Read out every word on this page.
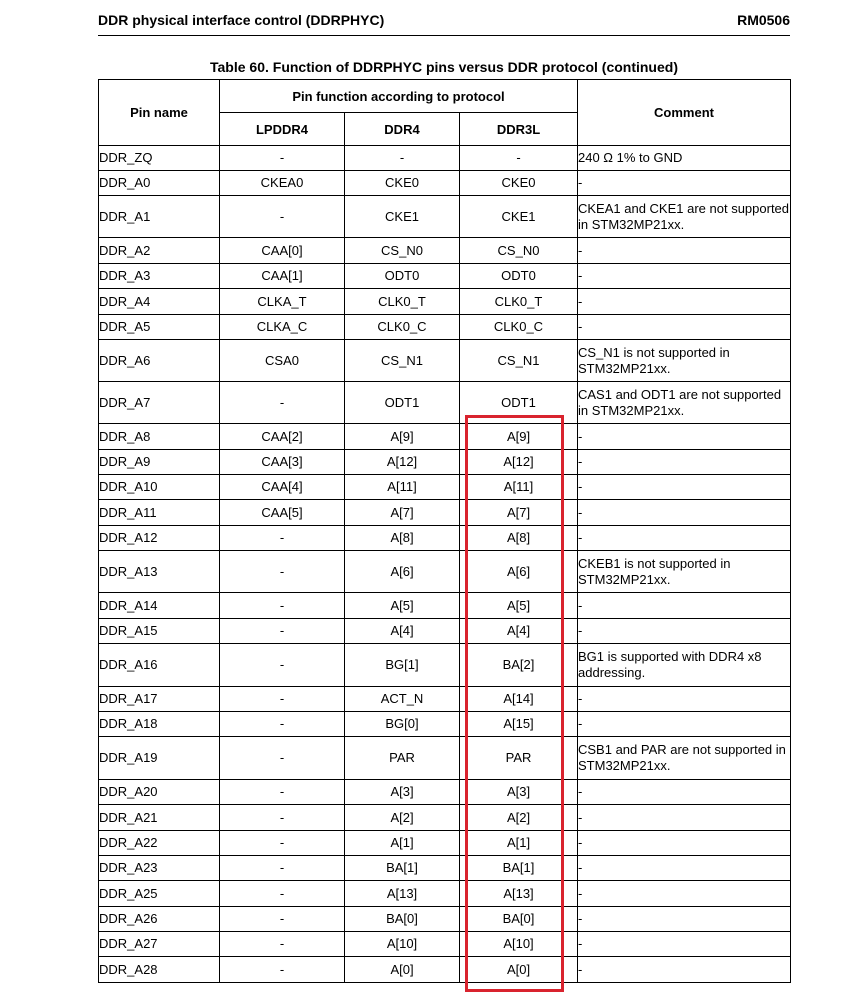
DDR physical interface control (DDRPHYC)	RM0506
Table 60. Function of DDRPHYC pins versus DDR protocol (continued)
Pin name	Pin function according to protocol			Comment
	LPDDR4	DDR4	DDR3L	
DDR_ZQ	-	-	-	240 Ω 1% to GND
DDR_A0	CKEA0	CKE0	CKE0	-
DDR_A1	-	CKE1	CKE1	CKEA1 and CKE1 are not supported in STM32MP21xx.
DDR_A2	CAA[0]	CS_N0	CS_N0	-
DDR_A3	CAA[1]	ODT0	ODT0	-
DDR_A4	CLKA_T	CLK0_T	CLK0_T	-
DDR_A5	CLKA_C	CLK0_C	CLK0_C	-
DDR_A6	CSA0	CS_N1	CS_N1	CS_N1 is not supported in STM32MP21xx.
DDR_A7	-	ODT1	ODT1	CAS1 and ODT1 are not supported in STM32MP21xx.
DDR_A8	CAA[2]	A[9]	A[9]	-
DDR_A9	CAA[3]	A[12]	A[12]	-
DDR_A10	CAA[4]	A[11]	A[11]	-
DDR_A11	CAA[5]	A[7]	A[7]	-
DDR_A12	-	A[8]	A[8]	-
DDR_A13	-	A[6]	A[6]	CKEB1 is not supported in STM32MP21xx.
DDR_A14	-	A[5]	A[5]	-
DDR_A15	-	A[4]	A[4]	-
DDR_A16	-	BG[1]	BA[2]	BG1 is supported with DDR4 x8 addressing.
DDR_A17	-	ACT_N	A[14]	-
DDR_A18	-	BG[0]	A[15]	-
DDR_A19	-	PAR	PAR	CSB1 and PAR are not supported in STM32MP21xx.
DDR_A20	-	A[3]	A[3]	-
DDR_A21	-	A[2]	A[2]	-
DDR_A22	-	A[1]	A[1]	-
DDR_A23	-	BA[1]	BA[1]	-
DDR_A25	-	A[13]	A[13]	-
DDR_A26	-	BA[0]	BA[0]	-
DDR_A27	-	A[10]	A[10]	-
DDR_A28	-	A[0]	A[0]	-
